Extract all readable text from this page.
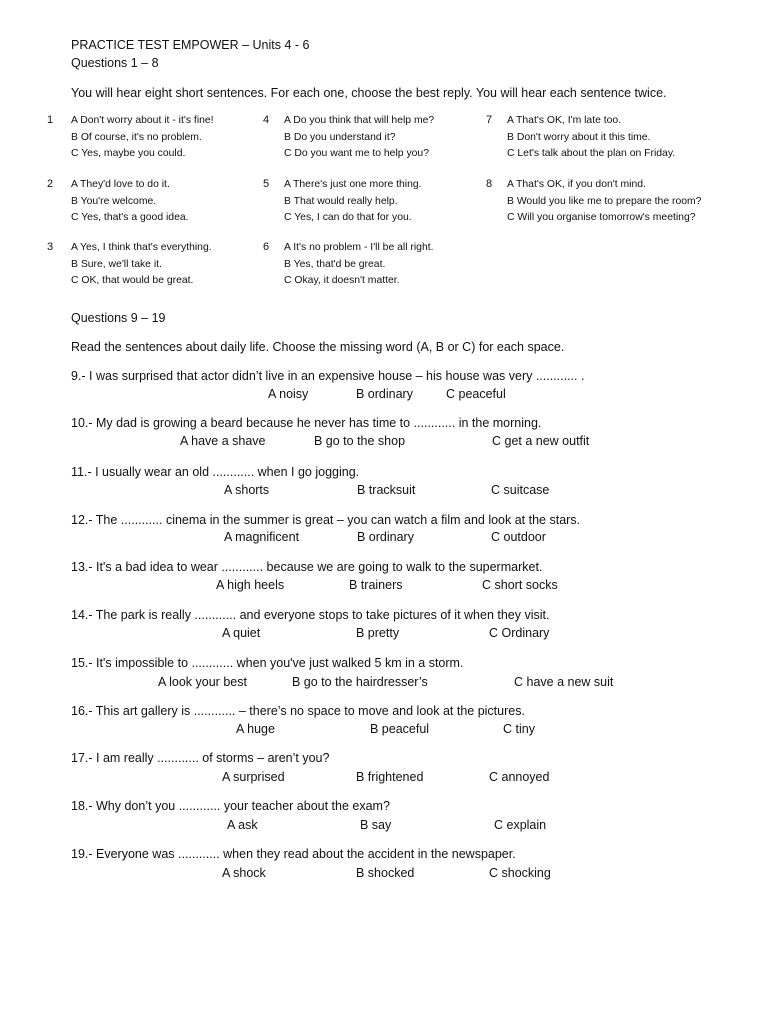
PRACTICE TEST EMPOWER – Units 4 - 6
Questions 1 – 8
You will hear eight short sentences. For each one, choose the best reply. You will hear each sentence twice.
1 A Don't worry about it - it's fine!
B Of course, it's no problem.
C Yes, maybe you could.
2 A They'd love to do it.
B You're welcome.
C Yes, that's a good idea.
3 A Yes, I think that's everything.
B Sure, we'll take it.
C OK, that would be great.
4 A Do you think that will help me?
B Do you understand it?
C Do you want me to help you?
5 A There's just one more thing.
B That would really help.
C Yes, I can do that for you.
6 A It's no problem - I'll be all right.
B Yes, that'd be great.
C Okay, it doesn't matter.
7 A That's OK, I'm late too.
B Don't worry about it this time.
C Let's talk about the plan on Friday.
8 A That's OK, if you don't mind.
B Would you like me to prepare the room?
C Will you organise tomorrow's meeting?
Questions 9 – 19
Read the sentences about daily life. Choose the missing word (A, B or C) for each space.
9.- I was surprised that actor didn’t live in an expensive house – his house was very ............ .
A noisy	B ordinary	C peaceful
10.- My dad is growing a beard because he never has time to ............ in the morning.
A have a shave	B go to the shop	C get a new outfit
11.- I usually wear an old ............ when I go jogging.
A shorts	B tracksuit	C suitcase
12.- The ............ cinema in the summer is great – you can watch a film and look at the stars.
A magnificent	B ordinary	C outdoor
13.- It's a bad idea to wear ............ because we are going to walk to the supermarket.
A high heels	B trainers	C short socks
14.- The park is really ............ and everyone stops to take pictures of it when they visit.
A quiet	B pretty	C Ordinary
15.- It's impossible to ............ when you've just walked 5 km in a storm.
A look your best	B go to the hairdresser’s	C have a new suit
16.- This art gallery is ............ – there’s no space to move and look at the pictures.
A huge	B peaceful	C tiny
17.- I am really ............ of storms – aren’t you?
A surprised	B frightened	C annoyed
18.- Why don’t you ............ your teacher about the exam?
A ask	B say	C explain
19.- Everyone was ............ when they read about the accident in the newspaper.
A shock	B shocked	C shocking
